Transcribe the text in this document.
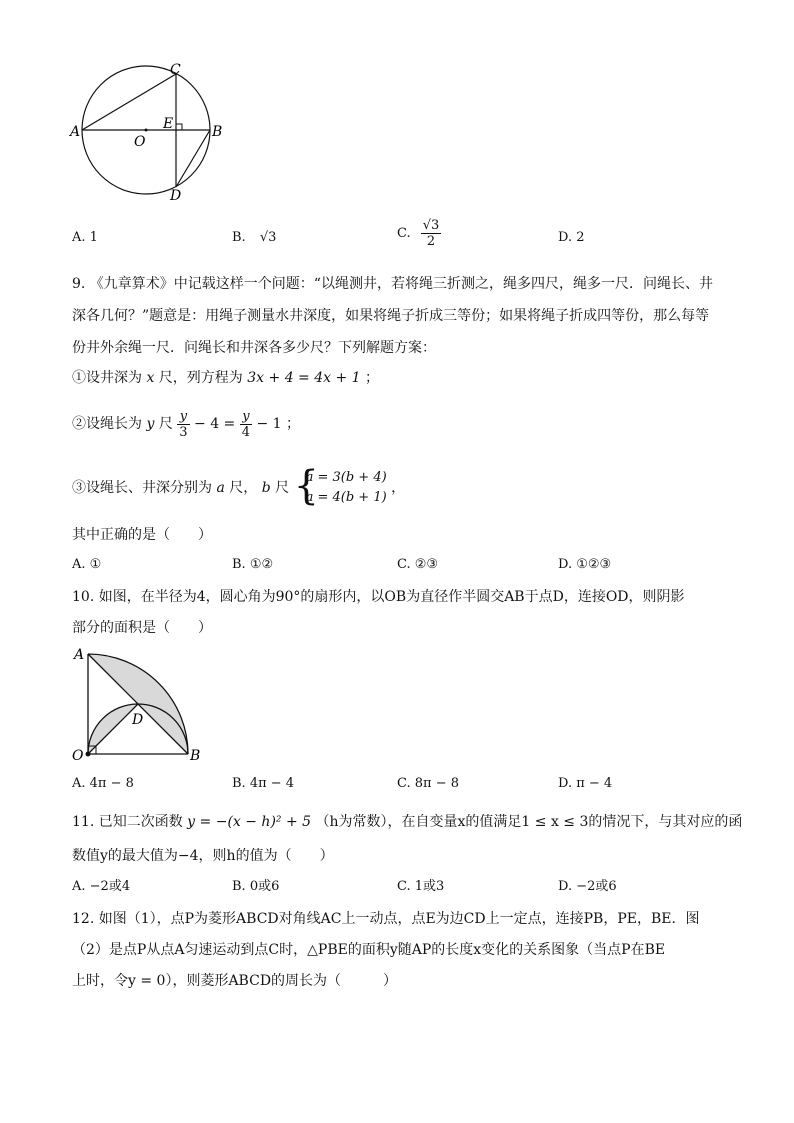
A	B
C
D
E
O
A. 1	B. √3	C. $\frac{√3}{2}$	D. 2
9. 《九章算术》中记载这样一个问题：“以绳测井，若将绳三折测之，绳多四尺，绳多一尺．问绳长、井
深各几何？”题意是：用绳子测量水井深度，如果将绳子折成三等份；如果将绳子折成四等份，那么每等
份井外余绳一尺．问绳长和井深各多少尺？下列解题方案：
①设井深为 x 尺，列方程为 3x + 4 = 4x + 1 ；
②设绳长为 y 尺 $\frac{y}{3} - 4 = \frac{y}{4} - 1$ ；
③设绳长、井深分别为 a 尺， b 尺 {
a = 3(b + 4)
a = 4(b + 1)
，
其中正确的是（　　）
A. ①	B. ①②	C. ②③	D. ①②③
10. 如图，在半径为4，圆心角为90°的扇形内，以OB为直径作半圆交AB于点D，连接OD，则阴影
部分的面积是（　　）
A
B
D
O
A. 4π − 8	B. 4π − 4	C. 8π − 8	D. π − 4
11. 已知二次函数 y = −(x − h)² + 5 （h为常数），在自变量x的值满足1 ≤ x ≤ 3的情况下，与其对应的函
数值y的最大值为−4，则h的值为（　　）
A. −2或4	B. 0或6	C. 1或3	D. −2或6
12. 如图（1），点P为菱形ABCD对角线AC上一动点，点E为边CD上一定点，连接PB，PE，BE．图
（2）是点P从点A匀速运动到点C时，△PBE的面积y随AP的长度x变化的关系图象（当点P在BE
上时，令y = 0），则菱形ABCD的周长为（　　　）
